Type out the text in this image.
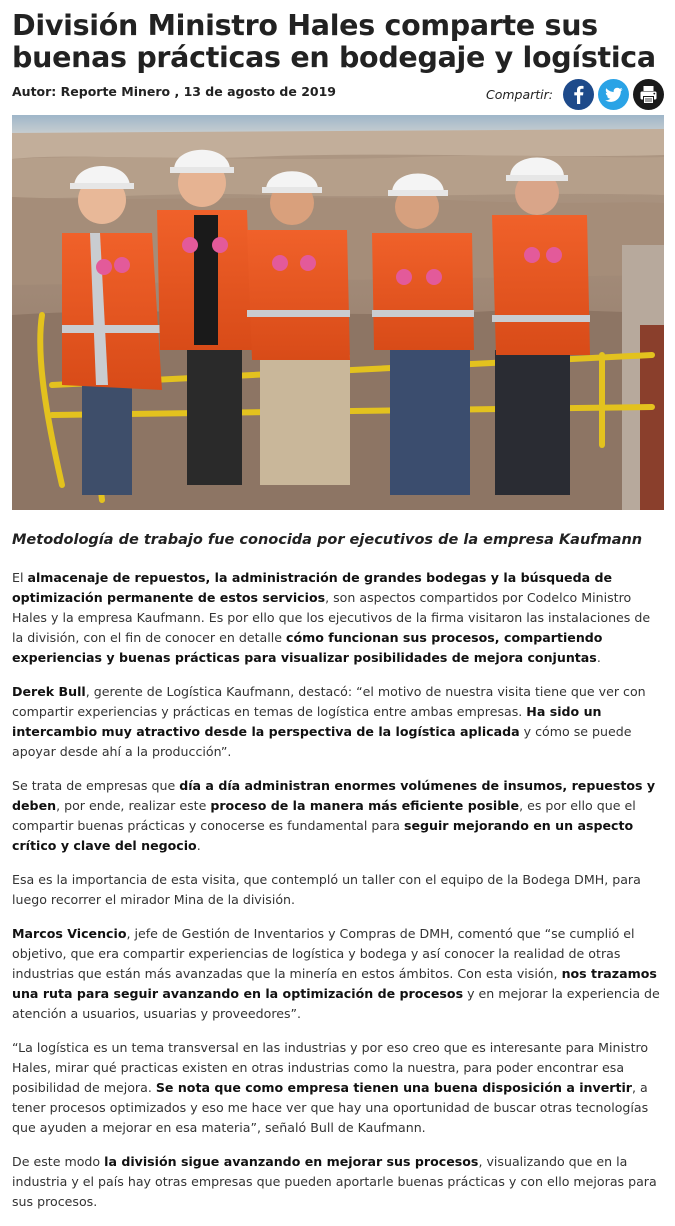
División Ministro Hales comparte sus buenas prácticas en bodegaje y logística
Autor: Reporte Minero , 13 de agosto de 2019	Compartir:
Metodología de trabajo fue conocida por ejecutivos de la empresa Kaufmann

El almacenaje de repuestos, la administración de grandes bodegas y la búsqueda de optimización permanente de estos servicios, son aspectos compartidos por Codelco Ministro Hales y la empresa Kaufmann. Es por ello que los ejecutivos de la firma visitaron las instalaciones de la división, con el fin de conocer en detalle cómo funcionan sus procesos, compartiendo experiencias y buenas prácticas para visualizar posibilidades de mejora conjuntas.

Derek Bull, gerente de Logística Kaufmann, destacó: “el motivo de nuestra visita tiene que ver con compartir experiencias y prácticas en temas de logística entre ambas empresas. Ha sido un intercambio muy atractivo desde la perspectiva de la logística aplicada y cómo se puede apoyar desde ahí a la producción”.

Se trata de empresas que día a día administran enormes volúmenes de insumos, repuestos y deben, por ende, realizar este proceso de la manera más eficiente posible, es por ello que el compartir buenas prácticas y conocerse es fundamental para seguir mejorando en un aspecto crítico y clave del negocio.

Esa es la importancia de esta visita, que contempló un taller con el equipo de la Bodega DMH, para luego recorrer el mirador Mina de la división.

Marcos Vicencio, jefe de Gestión de Inventarios y Compras de DMH, comentó que “se cumplió el objetivo, que era compartir experiencias de logística y bodega y así conocer la realidad de otras industrias que están más avanzadas que la minería en estos ámbitos. Con esta visión, nos trazamos una ruta para seguir avanzando en la optimización de procesos y en mejorar la experiencia de atención a usuarios, usuarias y proveedores”.

“La logística es un tema transversal en las industrias y por eso creo que es interesante para Ministro Hales, mirar qué practicas existen en otras industrias como la nuestra, para poder encontrar esa posibilidad de mejora. Se nota que como empresa tienen una buena disposición a invertir, a tener procesos optimizados y eso me hace ver que hay una oportunidad de buscar otras tecnologías que ayuden a mejorar en esa materia”, señaló Bull de Kaufmann.

De este modo la división sigue avanzando en mejorar sus procesos, visualizando que en la industria y el país hay otras empresas que pueden aportarle buenas prácticas y con ello mejoras para sus procesos.
